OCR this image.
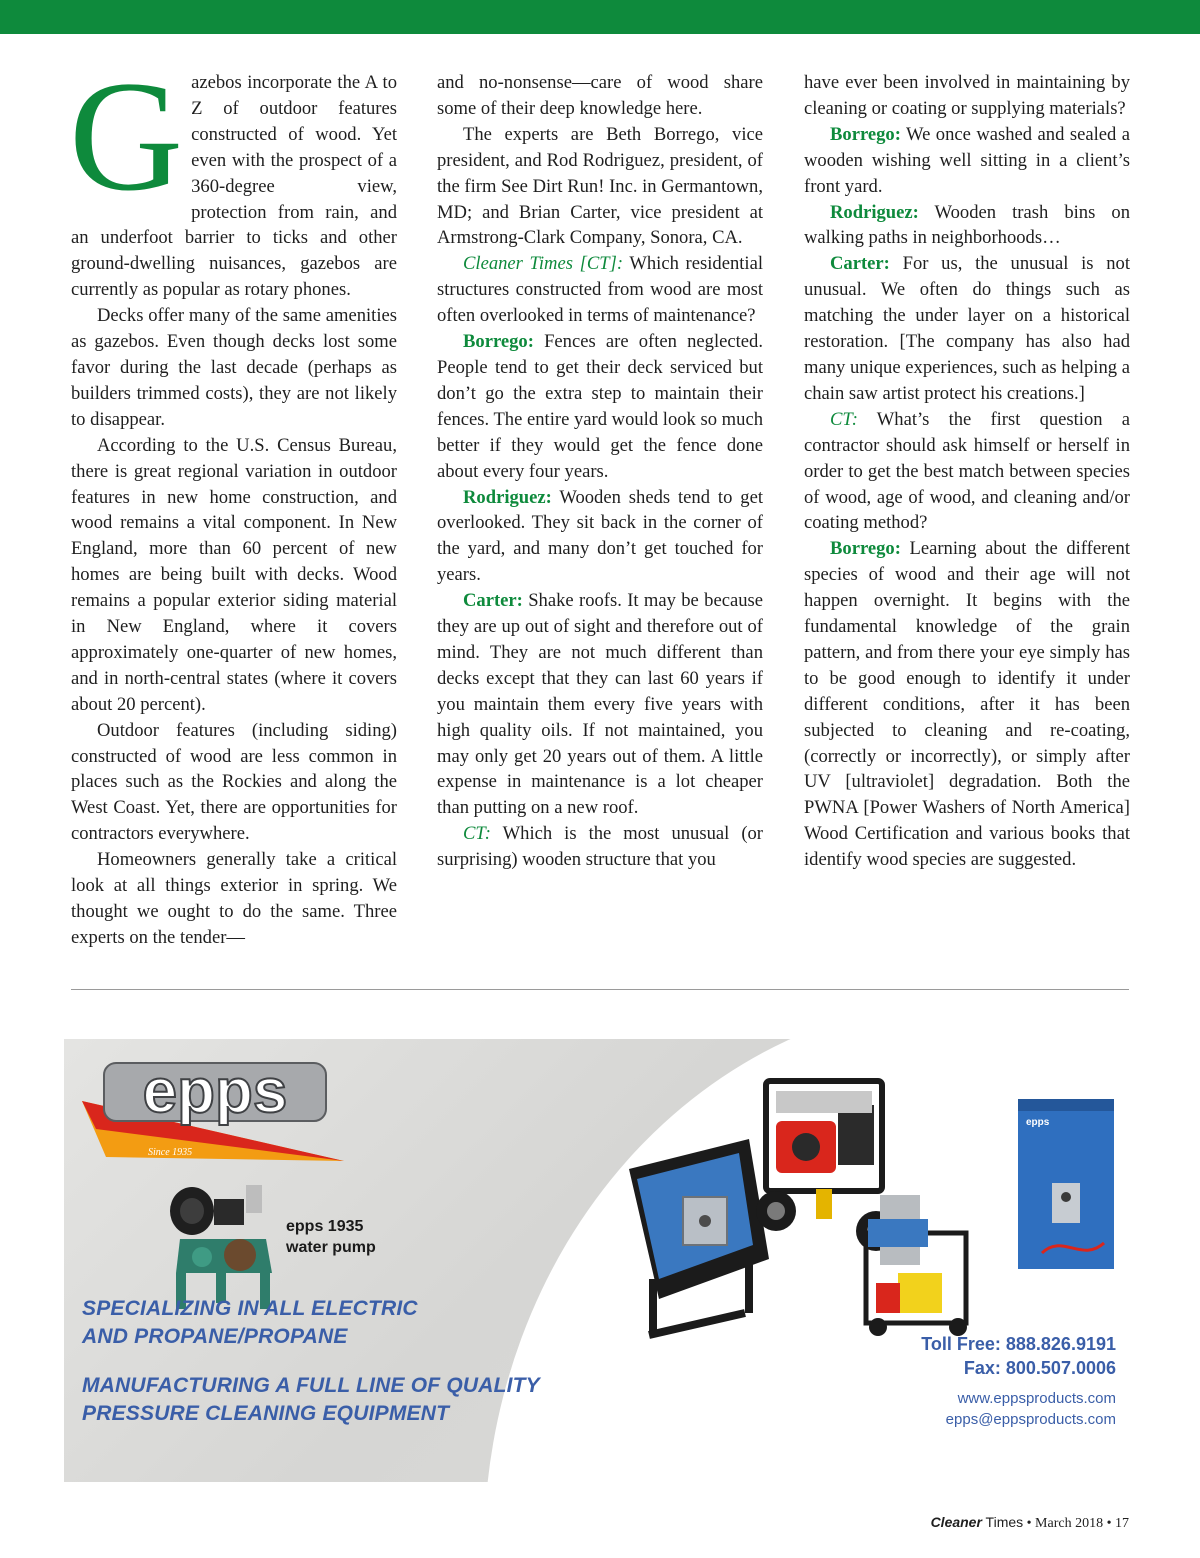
Gazebos incorporate the A to Z of outdoor features constructed of wood. Yet even with the prospect of a 360-degree view, protection from rain, and an underfoot barrier to ticks and other ground-dwelling nuisances, gazebos are currently as popular as rotary phones.

Decks offer many of the same amenities as gazebos. Even though decks lost some favor during the last decade (perhaps as builders trimmed costs), they are not likely to disappear.

According to the U.S. Census Bureau, there is great regional variation in outdoor features in new home construction, and wood remains a vital component. In New England, more than 60 percent of new homes are being built with decks. Wood remains a popular exterior siding material in New England, where it covers approximately one-quarter of new homes, and in north-central states (where it covers about 20 percent).

Outdoor features (including siding) constructed of wood are less common in places such as the Rockies and along the West Coast. Yet, there are opportunities for contractors everywhere.

Homeowners generally take a critical look at all things exterior in spring. We thought we ought to do the same. Three experts on the tender—

and no-nonsense—care of wood share some of their deep knowledge here.

The experts are Beth Borrego, vice president, and Rod Rodriguez, president, of the firm See Dirt Run! Inc. in Germantown, MD; and Brian Carter, vice president at Armstrong-Clark Company, Sonora, CA.

Cleaner Times [CT]: Which residential structures constructed from wood are most often overlooked in terms of maintenance?

Borrego: Fences are often neglected. People tend to get their deck serviced but don’t go the extra step to maintain their fences. The entire yard would look so much better if they would get the fence done about every four years.

Rodriguez: Wooden sheds tend to get overlooked. They sit back in the corner of the yard, and many don’t get touched for years.

Carter: Shake roofs. It may be because they are up out of sight and therefore out of mind. They are not much different than decks except that they can last 60 years if you maintain them every five years with high quality oils. If not maintained, you may only get 20 years out of them. A little expense in maintenance is a lot cheaper than putting on a new roof.

CT: Which is the most unusual (or surprising) wooden structure that you

have ever been involved in maintaining by cleaning or coating or supplying materials?

Borrego: We once washed and sealed a wooden wishing well sitting in a client’s front yard.

Rodriguez: Wooden trash bins on walking paths in neighborhoods…

Carter: For us, the unusual is not unusual. We often do things such as matching the under layer on a historical restoration. [The company has also had many unique experiences, such as helping a chain saw artist protect his creations.]

CT: What’s the first question a contractor should ask himself or herself in order to get the best match between species of wood, age of wood, and cleaning and/or coating method?

Borrego: Learning about the different species of wood and their age will not happen overnight. It begins with the fundamental knowledge of the grain pattern, and from there your eye simply has to be good enough to identify it under different conditions, after it has been subjected to cleaning and re-coating, (correctly or incorrectly), or simply after UV [ultraviolet] degradation. Both the PWNA [Power Washers of North America] Wood Certification and various books that identify wood species are suggested.

epps
Since 1935
epps 1935
water pump
epps
SPECIALIZING IN ALL ELECTRIC
AND PROPANE/PROPANE
MANUFACTURING A FULL LINE OF QUALITY
PRESSURE CLEANING EQUIPMENT
Toll Free: 888.826.9191
Fax: 800.507.0006
www.eppsproducts.com
epps@eppsproducts.com
Cleaner Times • March 2018 • 17
